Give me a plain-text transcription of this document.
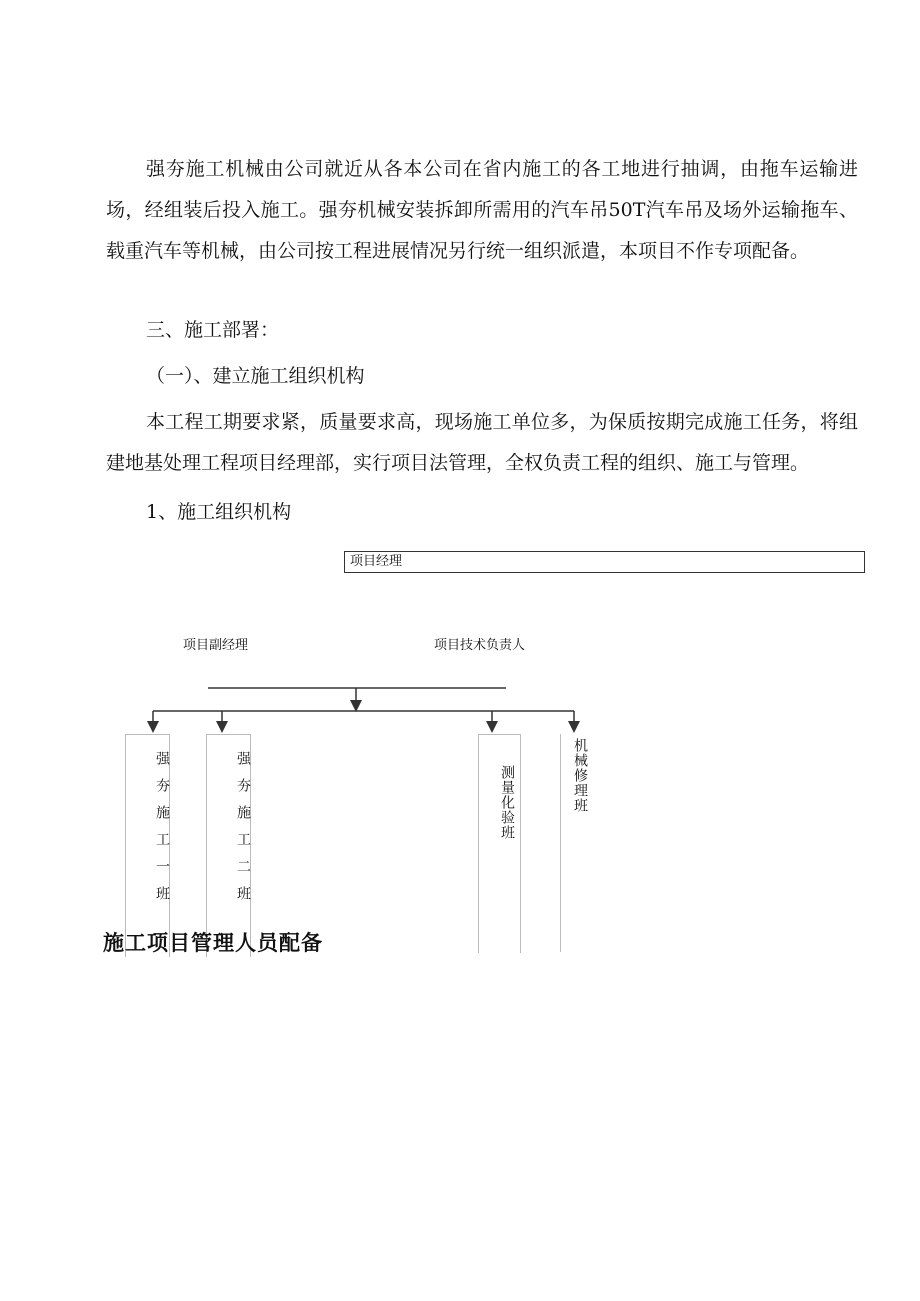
强夯施工机械由公司就近从各本公司在省内施工的各工地进行抽调，由拖车运输进场，经组装后投入施工。强夯机械安装拆卸所需用的汽车吊50T汽车吊及场外运输拖车、载重汽车等机械，由公司按工程进展情况另行统一组织派遣，本项目不作专项配备。

三、施工部署：

（一）、建立施工组织机构

本工程工期要求紧，质量要求高，现场施工单位多，为保质按期完成施工任务，将组建地基处理工程项目经理部，实行项目法管理，全权负责工程的组织、施工与管理。

1、施工组织机构

项目经理
项目副经理	项目技术负责人
强夯施工一班	强夯施工二班	测量化验班	机械修理班
施工项目管理人员配备
